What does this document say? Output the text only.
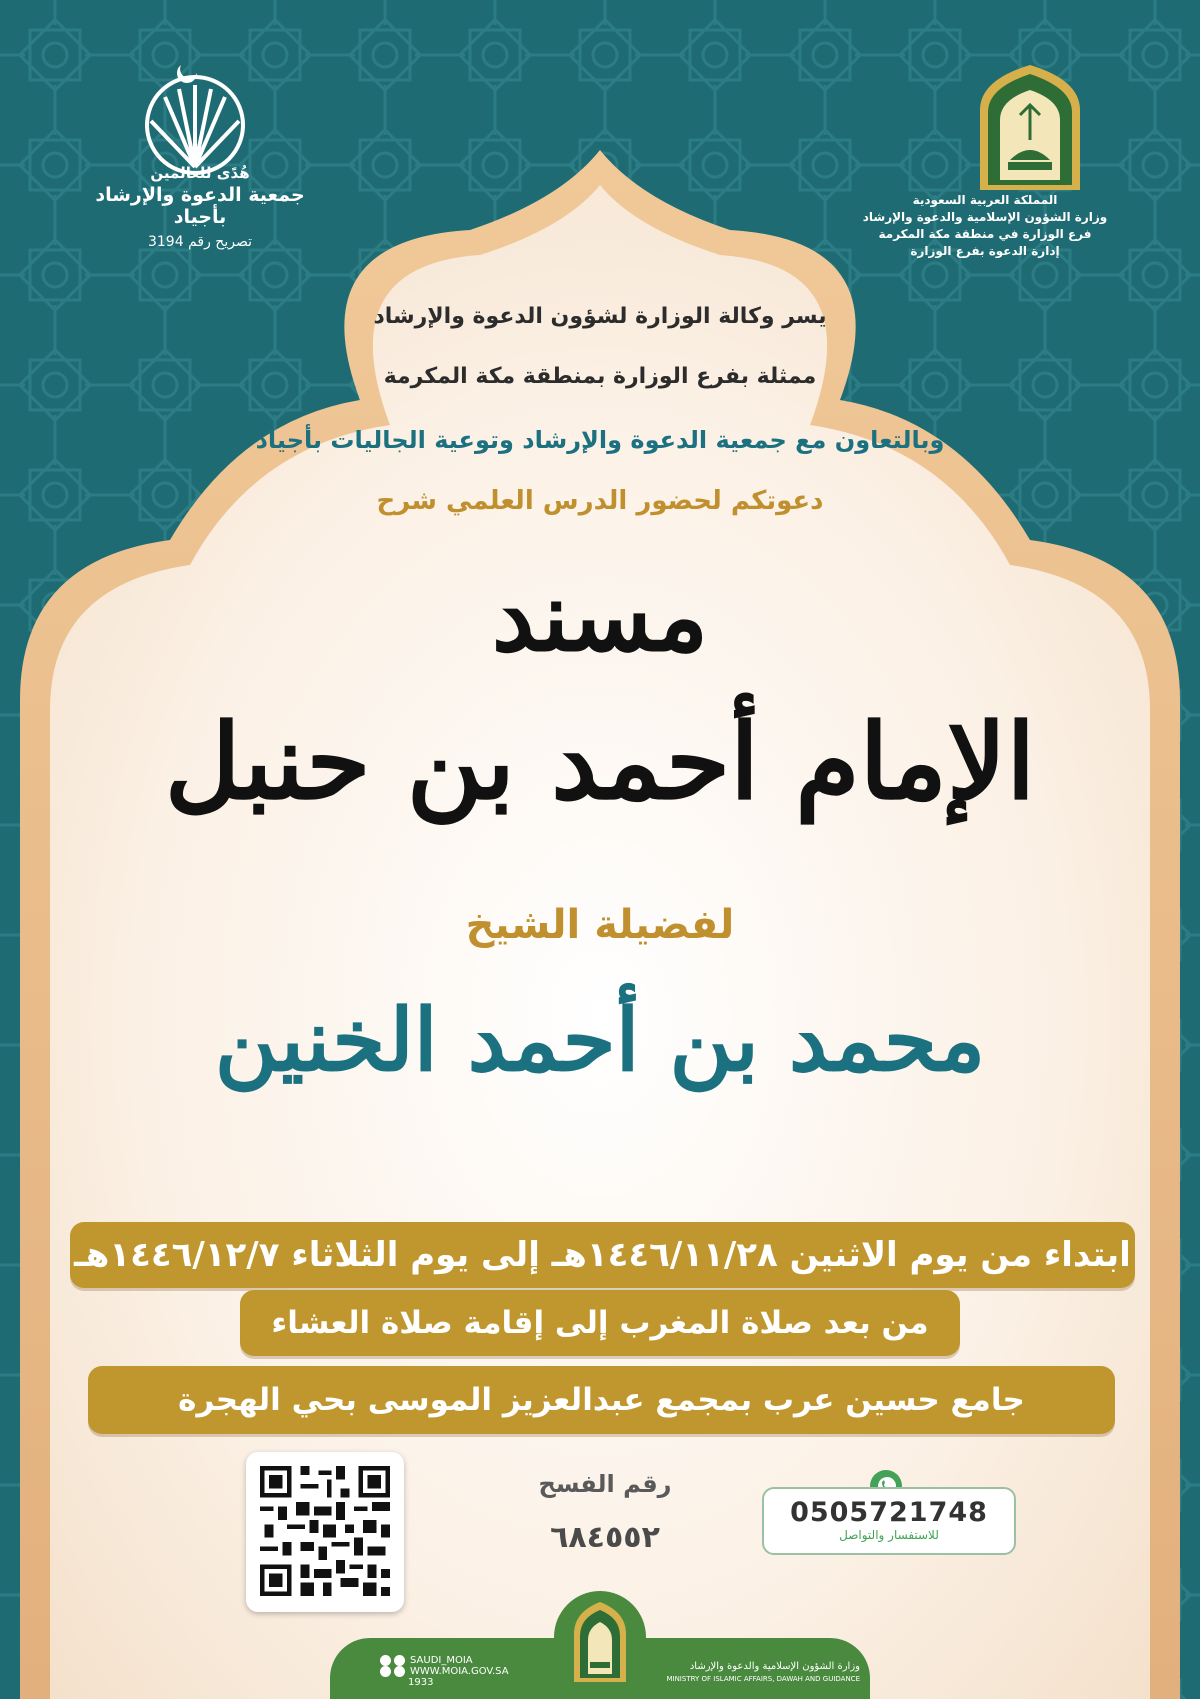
المملكة العربية السعودية
وزارة الشؤون الإسلامية والدعوة والإرشاد
فرع الوزارة في منطقة مكة المكرمة
إدارة الدعوة بفرع الوزارة
هُدًى للعالمين
جمعية الدعوة والإرشاد بأجياد
تصريح رقم 3194
يسر وكالة الوزارة لشؤون الدعوة والإرشاد
ممثلة بفرع الوزارة بمنطقة مكة المكرمة
وبالتعاون مع جمعية الدعوة والإرشاد وتوعية الجاليات بأجياد
دعوتكم لحضور الدرس العلمي شرح
مسند
الإمام أحمد بن حنبل
لفضيلة الشيخ
محمد بن أحمد الخنين
ابتداء من يوم الاثنين ١٤٤٦/١١/٢٨هـ إلى يوم الثلاثاء ١٤٤٦/١٢/٧هـ
من بعد صلاة المغرب إلى إقامة صلاة العشاء
جامع حسين عرب بمجمع عبدالعزيز الموسى بحي الهجرة
رقم الفسح
٦٨٤٥٥٢
0505721748
للاستفسار والتواصل
SAUDI_MOIA
WWW.MOIA.GOV.SA
1933
وزارة الشؤون الإسلامية والدعوة والإرشاد
MINISTRY OF ISLAMIC AFFAIRS, DAWAH AND GUIDANCE
